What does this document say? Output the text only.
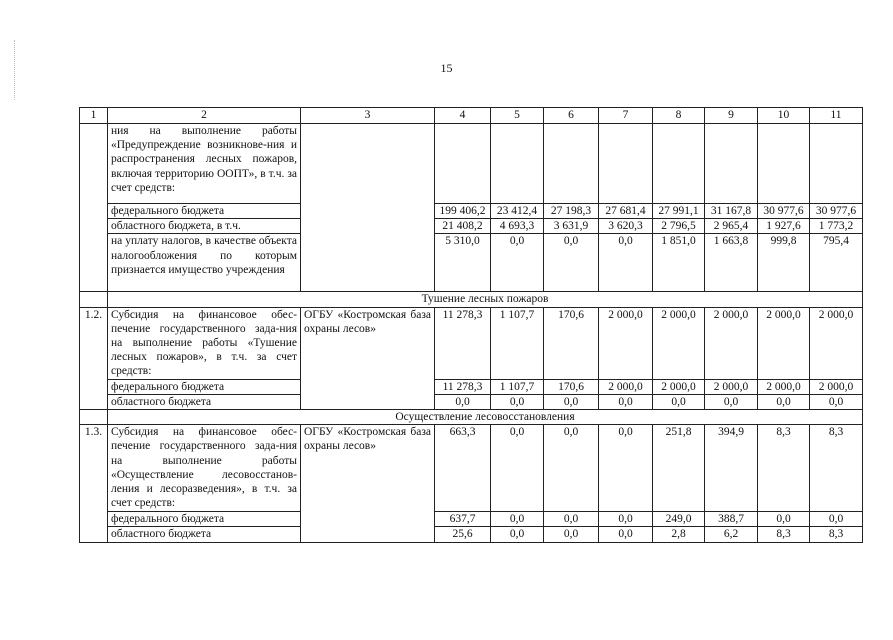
15
1	2	3	4	5	6	7	8	9	10	11
	ния на выполнение работы «Предупреждение возникнове-ния и распространения лесных пожаров, включая территорию ООПТ», в т.ч. за счет средств:									
	федерального бюджета		199 406,2	23 412,4	27 198,3	27 681,4	27 991,1	31 167,8	30 977,6	30 977,6
	областного бюджета, в т.ч.		21 408,2	4 693,3	3 631,9	3 620,3	2 796,5	2 965,4	1 927,6	1 773,2
	на уплату налогов, в качестве объекта налогообложения по которым признается имущество учреждения		5 310,0	0,0	0,0	0,0	1 851,0	1 663,8	999,8	795,4
	Тушение лесных пожаров									
1.2.	Субсидия на финансовое обес-печение государственного зада-ния на выполнение работы «Тушение лесных пожаров», в т.ч. за счет средств:	ОГБУ «Костромская база охраны лесов»	11 278,3	1 107,7	170,6	2 000,0	2 000,0	2 000,0	2 000,0	2 000,0
	федерального бюджета		11 278,3	1 107,7	170,6	2 000,0	2 000,0	2 000,0	2 000,0	2 000,0
	областного бюджета		0,0	0,0	0,0	0,0	0,0	0,0	0,0	0,0
	Осуществление лесовосстановления									
1.3.	Субсидия на финансовое обес-печение государственного зада-ния на выполнение работы «Осуществление лесовосстанов-ления и лесоразведения», в т.ч. за счет средств:	ОГБУ «Костромская база охраны лесов»	663,3	0,0	0,0	0,0	251,8	394,9	8,3	8,3
	федерального бюджета		637,7	0,0	0,0	0,0	249,0	388,7	0,0	0,0
	областного бюджета		25,6	0,0	0,0	0,0	2,8	6,2	8,3	8,3
